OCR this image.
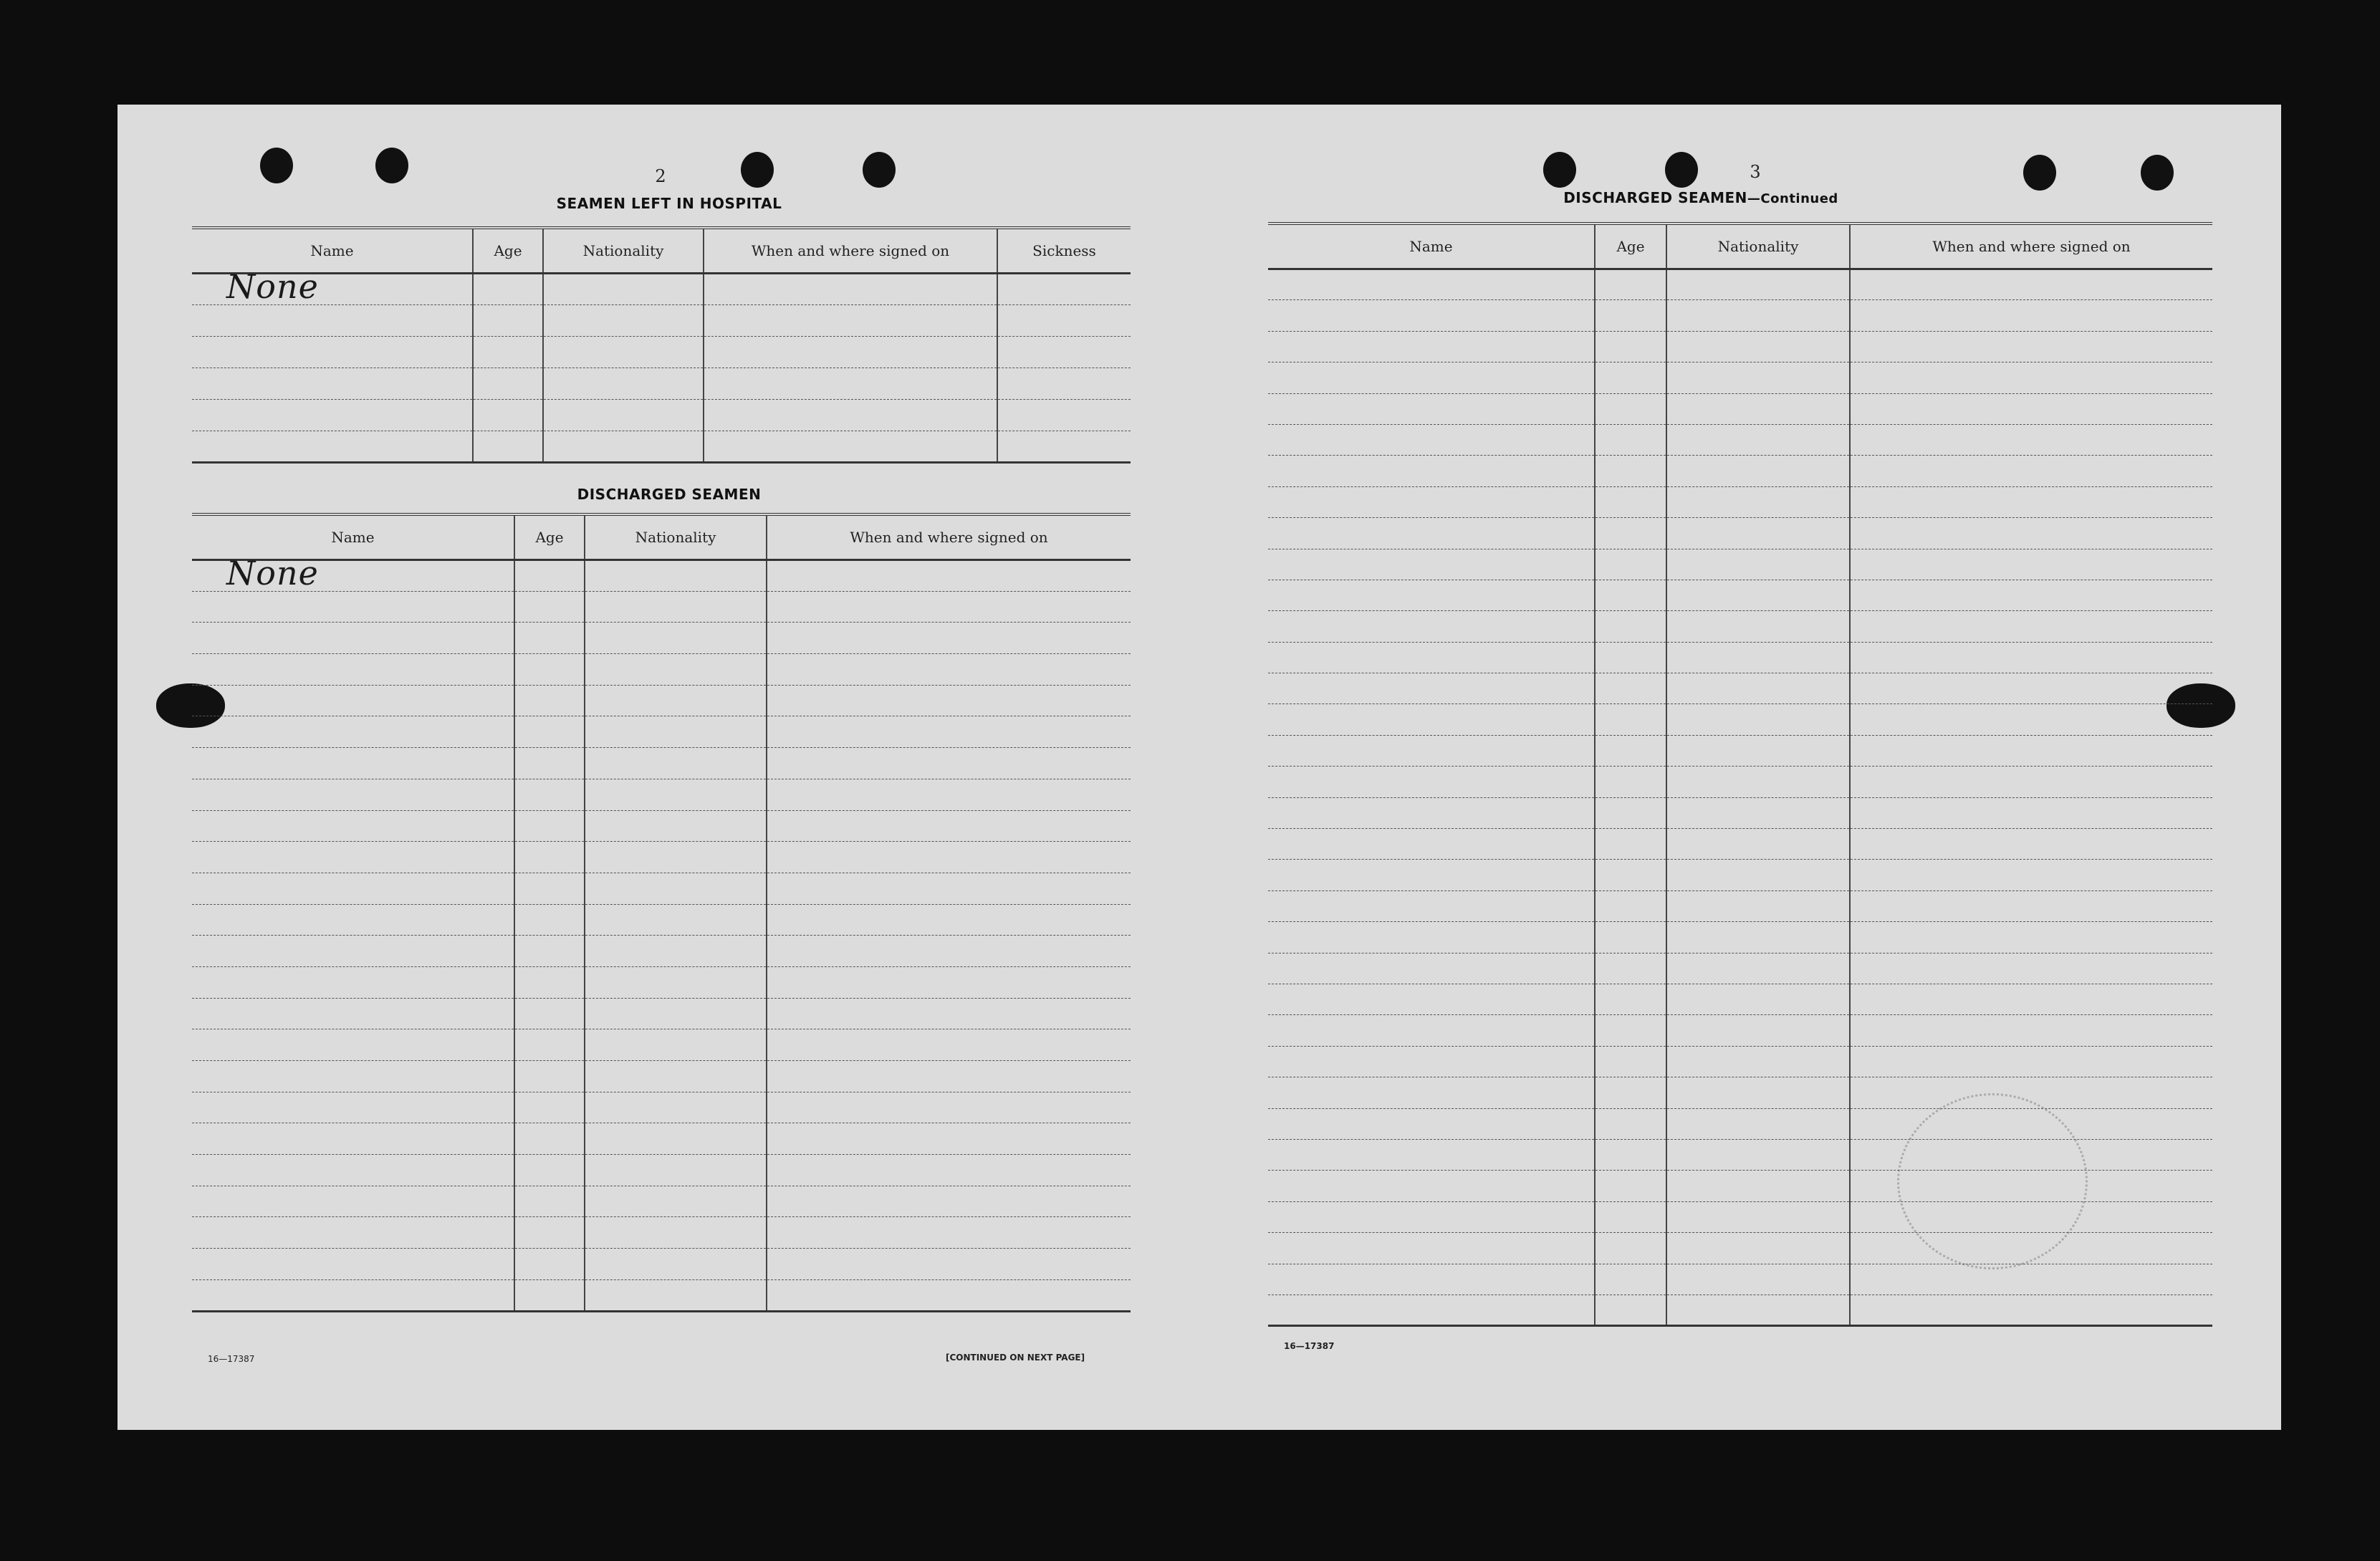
2
SEAMEN LEFT IN HOSPITAL
Name	Age	Nationality	When and where signed on	Sickness

None				

DISCHARGED SEAMEN
Name	Age	Nationality	When and where signed on

None			

16—17387	[CONTINUED ON NEXT PAGE]
3
DISCHARGED SEAMEN—Continued
Name	Age	Nationality	When and where signed on

16—17387
